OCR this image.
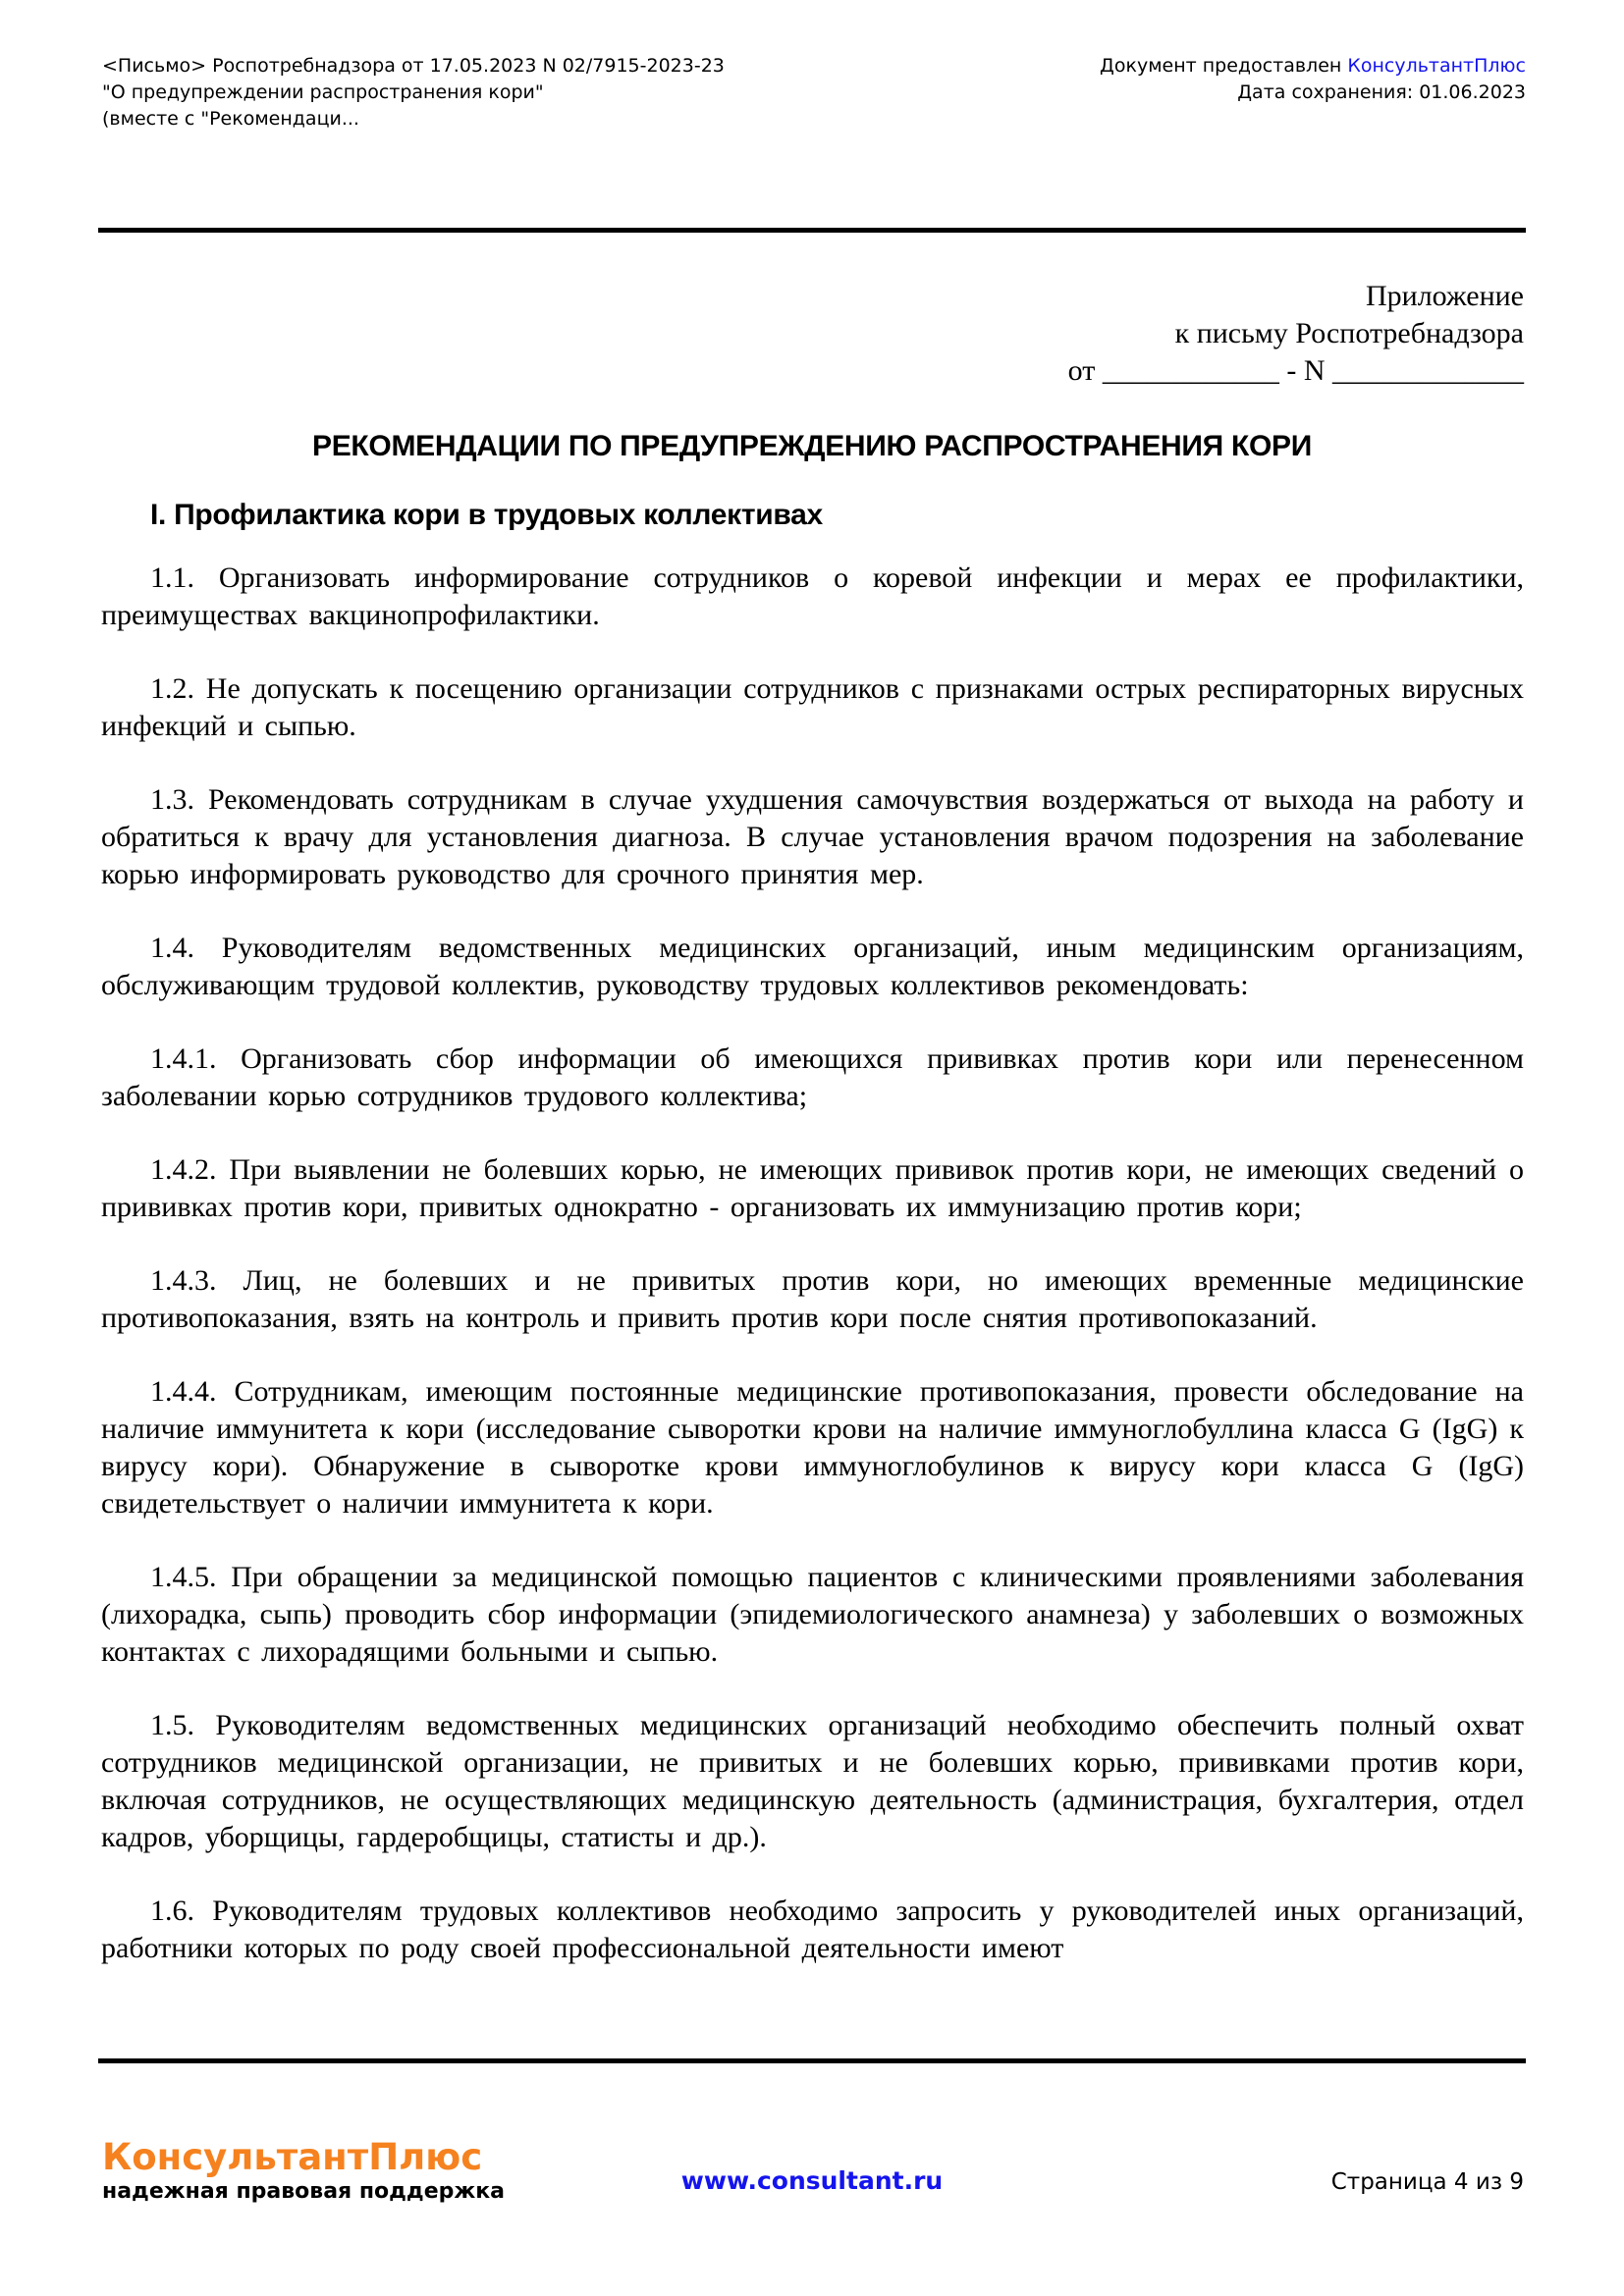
<Письмо> Роспотребнадзора от 17.05.2023 N 02/7915-2023-23
"О предупреждении распространения кори"
(вместе с "Рекомендаци...
Документ предоставлен КонсультантПлюс
Дата сохранения: 01.06.2023
Приложение
к письму Роспотребнадзора
от ____________ - N _____________
РЕКОМЕНДАЦИИ ПО ПРЕДУПРЕЖДЕНИЮ РАСПРОСТРАНЕНИЯ КОРИ
I. Профилактика кори в трудовых коллективах

1.1. Организовать информирование сотрудников о коревой инфекции и мерах ее профилактики, преимуществах вакцинопрофилактики.

1.2. Не допускать к посещению организации сотрудников с признаками острых респираторных вирусных инфекций и сыпью.

1.3. Рекомендовать сотрудникам в случае ухудшения самочувствия воздержаться от выхода на работу и обратиться к врачу для установления диагноза. В случае установления врачом подозрения на заболевание корью информировать руководство для срочного принятия мер.

1.4. Руководителям ведомственных медицинских организаций, иным медицинским организациям, обслуживающим трудовой коллектив, руководству трудовых коллективов рекомендовать:

1.4.1. Организовать сбор информации об имеющихся прививках против кори или перенесенном заболевании корью сотрудников трудового коллектива;

1.4.2. При выявлении не болевших корью, не имеющих прививок против кори, не имеющих сведений о прививках против кори, привитых однократно - организовать их иммунизацию против кори;

1.4.3. Лиц, не болевших и не привитых против кори, но имеющих временные медицинские противопоказания, взять на контроль и привить против кори после снятия противопоказаний.

1.4.4. Сотрудникам, имеющим постоянные медицинские противопоказания, провести обследование на наличие иммунитета к кори (исследование сыворотки крови на наличие иммуноглобуллина класса G (IgG) к вирусу кори). Обнаружение в сыворотке крови иммуноглобулинов к вирусу кори класса G (IgG) свидетельствует о наличии иммунитета к кори.

1.4.5. При обращении за медицинской помощью пациентов с клиническими проявлениями заболевания (лихорадка, сыпь) проводить сбор информации (эпидемиологического анамнеза) у заболевших о возможных контактах с лихорадящими больными и сыпью.

1.5. Руководителям ведомственных медицинских организаций необходимо обеспечить полный охват сотрудников медицинской организации, не привитых и не болевших корью, прививками против кори, включая сотрудников, не осуществляющих медицинскую деятельность (администрация, бухгалтерия, отдел кадров, уборщицы, гардеробщицы, статисты и др.).

1.6. Руководителям трудовых коллективов необходимо запросить у руководителей иных организаций, работники которых по роду своей профессиональной деятельности имеют

КонсультантПлюс
надежная правовая поддержка	www.consultant.ru	Страница 4 из 9
